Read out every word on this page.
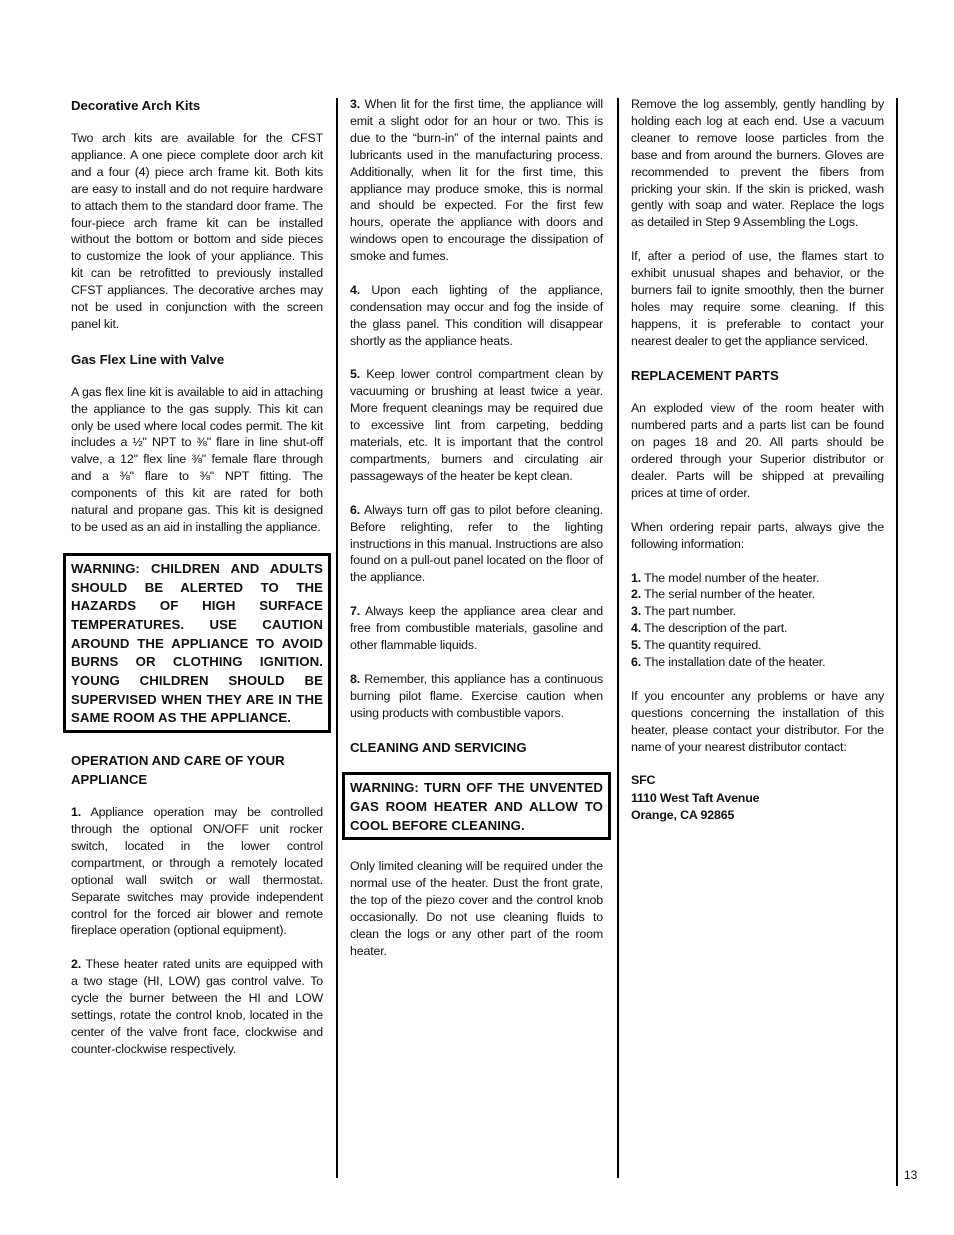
Decorative Arch Kits

Two arch kits are available for the CFST appliance. A one piece complete door arch kit and a four (4) piece arch frame kit. Both kits are easy to install and do not require hardware to attach them to the standard door frame. The four-piece arch frame kit can be installed without the bottom or bottom and side pieces to customize the look of your appliance. This kit can be retrofitted to previously installed CFST appliances. The decorative arches may not be used in conjunction with the screen panel kit.

Gas Flex Line with Valve

A gas flex line kit is available to aid in attaching the appliance to the gas supply. This kit can only be used where local codes permit. The kit includes a ½" NPT to ⅜" flare in line shut-off valve, a 12" flex line ⅜" female flare through and a ⅜" flare to ⅜" NPT fitting. The components of this kit are rated for both natural and propane gas. This kit is designed to be used as an aid in installing the appliance.

WARNING: CHILDREN AND ADULTS SHOULD BE ALERTED TO THE HAZARDS OF HIGH SURFACE TEMPERATURES. USE CAUTION AROUND THE APPLIANCE TO AVOID BURNS OR CLOTHING IGNITION. YOUNG CHILDREN SHOULD BE SUPERVISED WHEN THEY ARE IN THE SAME ROOM AS THE APPLIANCE.
OPERATION AND CARE OF YOUR APPLIANCE

1. Appliance operation may be controlled through the optional ON/OFF unit rocker switch, located in the lower control compartment, or through a remotely located optional wall switch or wall thermostat. Separate switches may provide independent control for the forced air blower and remote fireplace operation (optional equipment).

2. These heater rated units are equipped with a two stage (HI, LOW) gas control valve. To cycle the burner between the HI and LOW settings, rotate the control knob, located in the center of the valve front face, clockwise and counter-clockwise respectively.

3. When lit for the first time, the appliance will emit a slight odor for an hour or two. This is due to the “burn-in” of the internal paints and lubricants used in the manufacturing process. Additionally, when lit for the first time, this appliance may produce smoke, this is normal and should be expected. For the first few hours, operate the appliance with doors and windows open to encourage the dissipation of smoke and fumes.

4. Upon each lighting of the appliance, condensation may occur and fog the inside of the glass panel. This condition will disappear shortly as the appliance heats.

5. Keep lower control compartment clean by vacuuming or brushing at least twice a year. More frequent cleanings may be required due to excessive lint from carpeting, bedding materials, etc. It is important that the control compartments, burners and circulating air passageways of the heater be kept clean.

6. Always turn off gas to pilot before cleaning. Before relighting, refer to the lighting instructions in this manual. Instructions are also found on a pull-out panel located on the floor of the appliance.

7. Always keep the appliance area clear and free from combustible materials, gasoline and other flammable liquids.

8. Remember, this appliance has a continuous burning pilot flame. Exercise caution when using products with combustible vapors.

CLEANING AND SERVICING
WARNING: TURN OFF THE UNVENTED GAS ROOM HEATER AND ALLOW TO COOL BEFORE CLEANING.

Only limited cleaning will be required under the normal use of the heater. Dust the front grate, the top of the piezo cover and the control knob occasionally. Do not use cleaning fluids to clean the logs or any other part of the room heater.

Remove the log assembly, gently handling by holding each log at each end. Use a vacuum cleaner to remove loose particles from the base and from around the burners. Gloves are recommended to prevent the fibers from pricking your skin. If the skin is pricked, wash gently with soap and water. Replace the logs as detailed in Step 9 Assembling the Logs.

If, after a period of use, the flames start to exhibit unusual shapes and behavior, or the burners fail to ignite smoothly, then the burner holes may require some cleaning. If this happens, it is preferable to contact your nearest dealer to get the appliance serviced.

REPLACEMENT PARTS

An exploded view of the room heater with numbered parts and a parts list can be found on pages 18 and 20. All parts should be ordered through your Superior distributor or dealer. Parts will be shipped at prevailing prices at time of order.

When ordering repair parts, always give the following information:

1. The model number of the heater.

2. The serial number of the heater.

3. The part number.

4. The description of the part.

5. The quantity required.

6. The installation date of the heater.

If you encounter any problems or have any questions concerning the installation of this heater, please contact your distributor. For the name of your nearest distributor contact:

SFC
1110 West Taft Avenue
Orange, CA 92865
13
